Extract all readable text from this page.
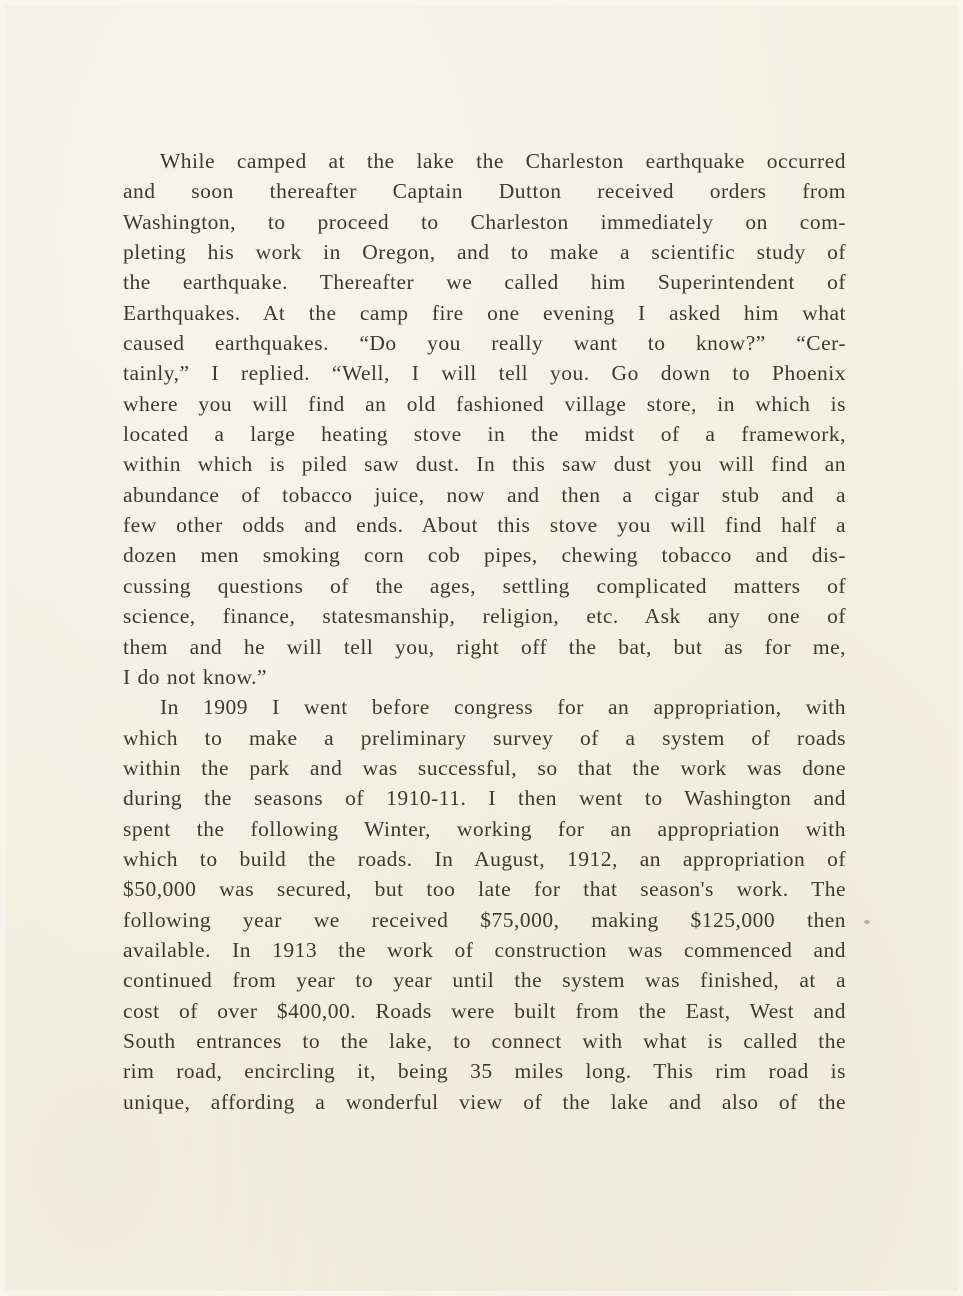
While camped at the lake the Charleston earthquake occurred
and soon thereafter Captain Dutton received orders from
Washington, to proceed to Charleston immediately on com-
pleting his work in Oregon, and to make a scientific study of
the earthquake. Thereafter we called him Superintendent of
Earthquakes. At the camp fire one evening I asked him what
caused earthquakes. “Do you really want to know?” “Cer-
tainly,” I replied. “Well, I will tell you. Go down to Phoenix
where you will find an old fashioned village store, in which is
located a large heating stove in the midst of a framework,
within which is piled saw dust. In this saw dust you will find an
abundance of tobacco juice, now and then a cigar stub and a
few other odds and ends. About this stove you will find half a
dozen men smoking corn cob pipes, chewing tobacco and dis-
cussing questions of the ages, settling complicated matters of
science, finance, statesmanship, religion, etc. Ask any one of
them and he will tell you, right off the bat, but as for me,
I do not know.”
In 1909 I went before congress for an appropriation, with
which to make a preliminary survey of a system of roads
within the park and was successful, so that the work was done
during the seasons of 1910-11. I then went to Washington and
spent the following Winter, working for an appropriation with
which to build the roads. In August, 1912, an appropriation of
$50,000 was secured, but too late for that season's work. The
following year we received $75,000, making $125,000 then
available. In 1913 the work of construction was commenced and
continued from year to year until the system was finished, at a
cost of over $400,00. Roads were built from the East, West and
South entrances to the lake, to connect with what is called the
rim road, encircling it, being 35 miles long. This rim road is
unique, affording a wonderful view of the lake and also of the
